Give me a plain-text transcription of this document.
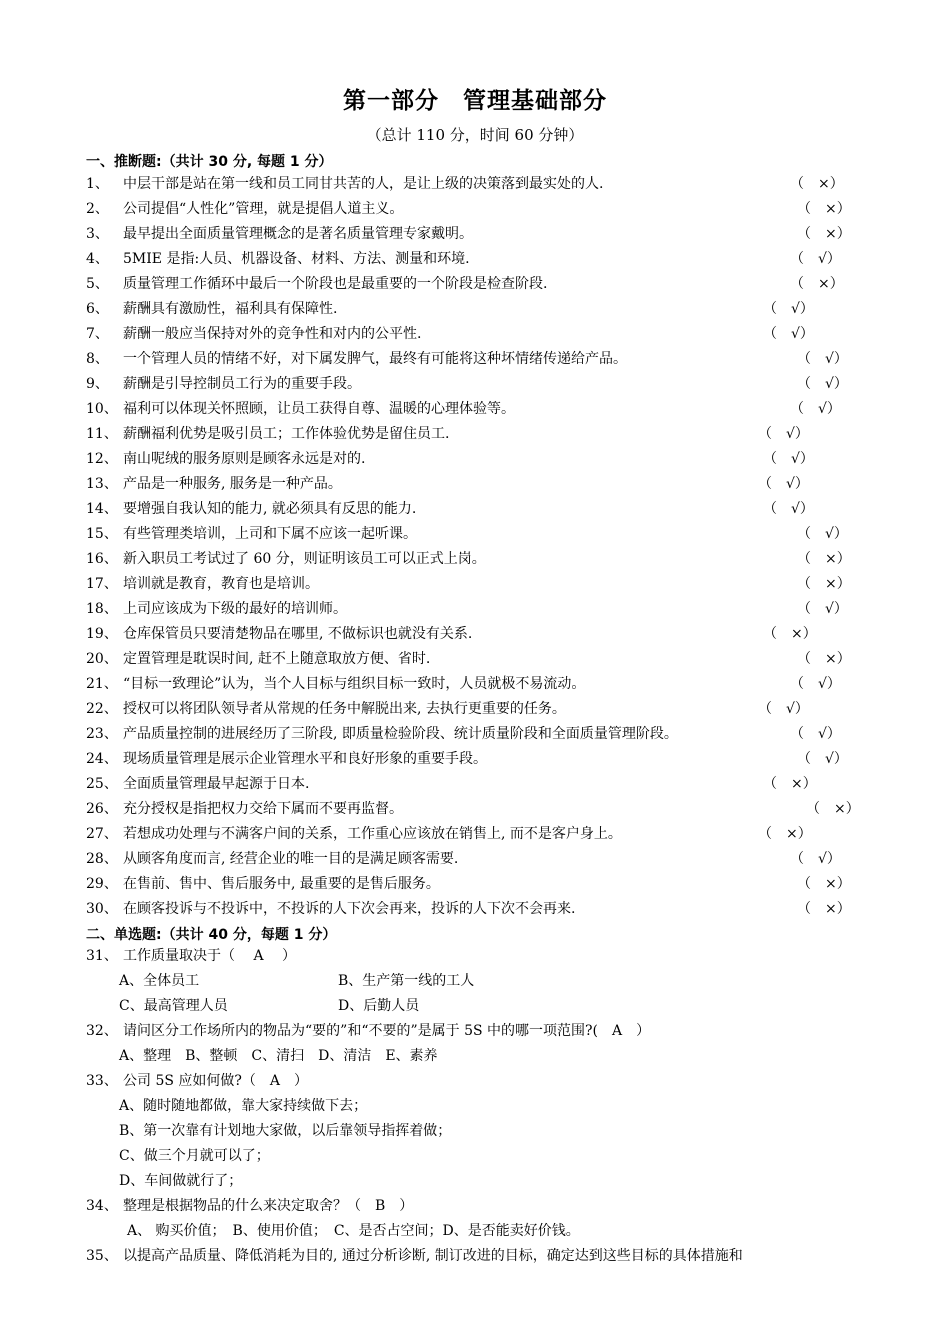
第一部分　管理基础部分
（总计 110 分，时间 60 分钟）
一、推断题:（共计 30 分, 每题 1 分）
1、	中层干部是站在第一线和员工同甘共苦的人，是让上级的决策落到最实处的人.	（　×）
2、	公司提倡“人性化”管理，就是提倡人道主义。	（　×）
3、	最早提出全面质量管理概念的是著名质量管理专家戴明。	（　×）
4、	5MIE 是指:人员、机器设备、材料、方法、测量和环境.	（　√）
5、	质量管理工作循环中最后一个阶段也是最重要的一个阶段是检查阶段.	（　×）
6、	薪酬具有激励性，福利具有保障性.	（　√）
7、	薪酬一般应当保持对外的竞争性和对内的公平性.	（　√）
8、	一个管理人员的情绪不好，对下属发脾气，最终有可能将这种坏情绪传递给产品。	（　√）
9、	薪酬是引导控制员工行为的重要手段。	（　√）
10、 福利可以体现关怀照顾，让员工获得自尊、温暖的心理体验等。	（　√）
11、 薪酬福利优势是吸引员工；工作体验优势是留住员工.	（　√）
12、 南山呢绒的服务原则是顾客永远是对的.	（　√）
13、 产品是一种服务, 服务是一种产品。	（　√）
14、 要增强自我认知的能力, 就必须具有反思的能力.	（　√）
15、 有些管理类培训，上司和下属不应该一起听课。	（　√）
16、 新入职员工考试过了 60 分，则证明该员工可以正式上岗。	（　×）
17、 培训就是教育，教育也是培训。	（　×）
18、 上司应该成为下级的最好的培训师。	（　√）
19、 仓库保管员只要清楚物品在哪里, 不做标识也就没有关系.	（　×）
20、 定置管理是耽误时间, 赶不上随意取放方便、省时.	（　×）
21、 “目标一致理论”认为，当个人目标与组织目标一致时，人员就极不易流动。	（　√）
22、 授权可以将团队领导者从常规的任务中解脱出来, 去执行更重要的任务。	（　√）
23、 产品质量控制的进展经历了三阶段, 即质量检验阶段、统计质量阶段和全面质量管理阶段。	（　√）
24、 现场质量管理是展示企业管理水平和良好形象的重要手段。	（　√）
25、 全面质量管理最早起源于日本.	（　×）
26、 充分授权是指把权力交给下属而不要再监督。	（　×）
27、 若想成功处理与不满客户间的关系，工作重心应该放在销售上, 而不是客户身上。	（　×）
28、 从顾客角度而言, 经营企业的唯一目的是满足顾客需要.	（　√）
29、 在售前、售中、售后服务中, 最重要的是售后服务。	（　×）
30、 在顾客投诉与不投诉中，不投诉的人下次会再来，投诉的人下次不会再来.	（　×）
二、单选题:（共计 40 分，每题 1 分）
31、 工作质量取决于（　 A　 ）
A、全体员工	B、生产第一线的工人
C、最高管理人员	D、后勤人员
32、 请问区分工作场所内的物品为“要的”和“不要的”是属于 5S 中的哪一项范围?(　A　）
A、整理　B、整顿　C、清扫　D、清洁　E、素养
33、 公司 5S 应如何做?（　A　）
A、随时随地都做，靠大家持续做下去；
B、第一次靠有计划地大家做，以后靠领导指挥着做；
C、做三个月就可以了；
D、车间做就行了；
34、 整理是根据物品的什么来决定取舍？（　B　）
A、 购买价值；　B、使用价值；　C、是否占空间；D、是否能卖好价钱。
35、 以提高产品质量、降低消耗为目的, 通过分析诊断, 制订改进的目标，确定达到这些目标的具体措施和
